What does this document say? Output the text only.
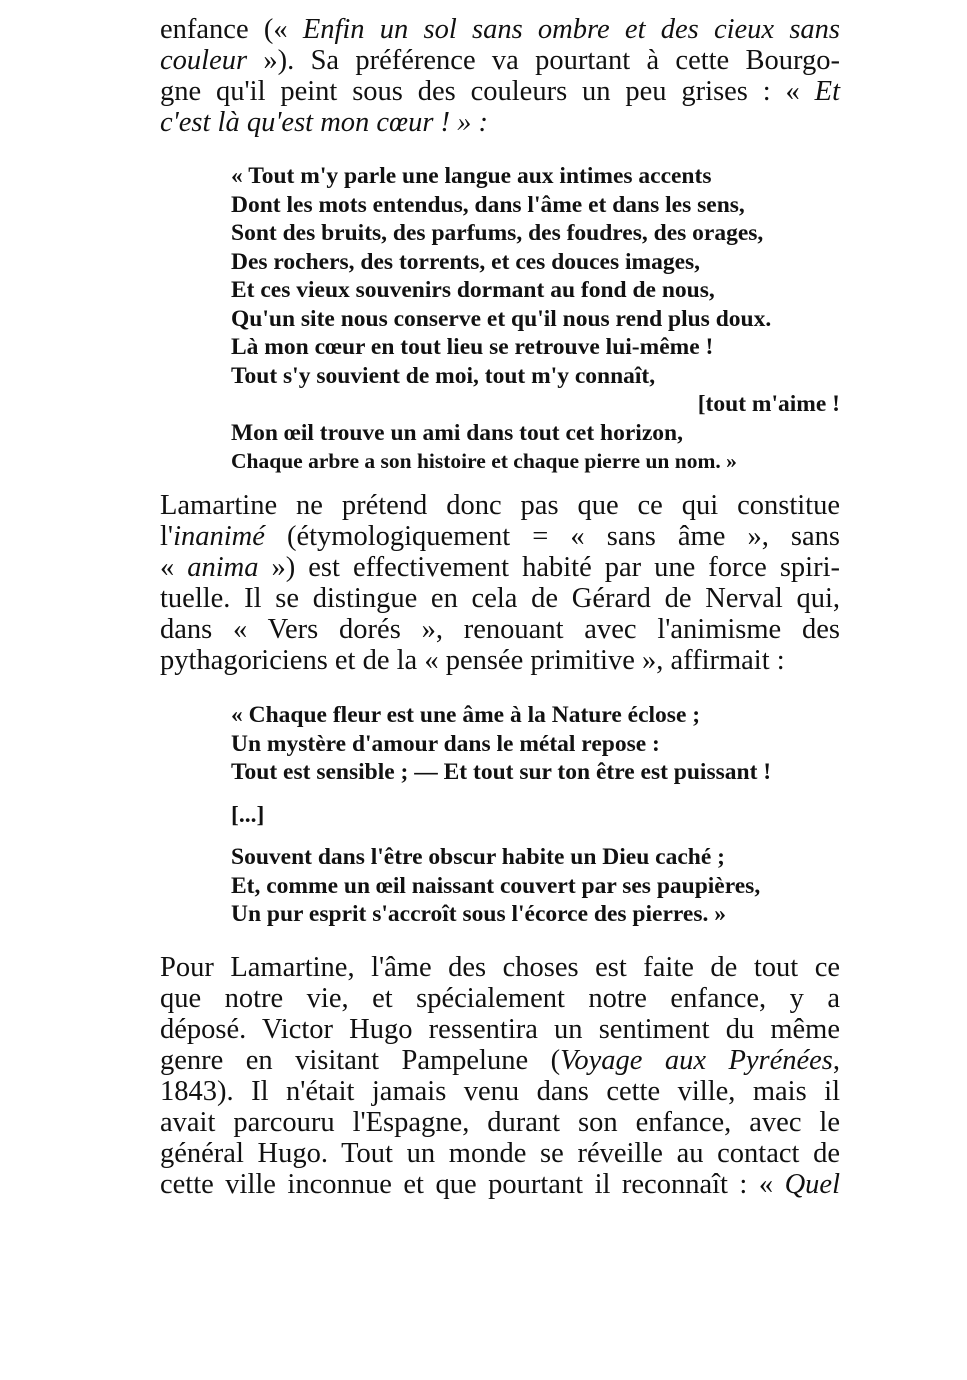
enfance (« Enfin un sol sans ombre et des cieux sans
couleur »). Sa préférence va pourtant à cette Bourgo-
gne qu'il peint sous des couleurs un peu grises : « Et
c'est là qu'est mon cœur ! » :
« Tout m'y parle une langue aux intimes accents
Dont les mots entendus, dans l'âme et dans les sens,
Sont des bruits, des parfums, des foudres, des orages,
Des rochers, des torrents, et ces douces images,
Et ces vieux souvenirs dormant au fond de nous,
Qu'un site nous conserve et qu'il nous rend plus doux.
Là mon cœur en tout lieu se retrouve lui-même !
Tout s'y souvient de moi, tout m'y connaît,
[tout m'aime !
Mon œil trouve un ami dans tout cet horizon,
Chaque arbre a son histoire et chaque pierre un nom. »
Lamartine ne prétend donc pas que ce qui constitue
l'inanimé (étymologiquement = « sans âme », sans
« anima ») est effectivement habité par une force spiri-
tuelle. Il se distingue en cela de Gérard de Nerval qui,
dans « Vers dorés », renouant avec l'animisme des
pythagoriciens et de la « pensée primitive », affirmait :
« Chaque fleur est une âme à la Nature éclose ;
Un mystère d'amour dans le métal repose :
Tout est sensible ; — Et tout sur ton être est puissant !
[...]
Souvent dans l'être obscur habite un Dieu caché ;
Et, comme un œil naissant couvert par ses paupières,
Un pur esprit s'accroît sous l'écorce des pierres. »
Pour Lamartine, l'âme des choses est faite de tout ce
que notre vie, et spécialement notre enfance, y a
déposé. Victor Hugo ressentira un sentiment du même
genre en visitant Pampelune (Voyage aux Pyrénées,
1843). Il n'était jamais venu dans cette ville, mais il
avait parcouru l'Espagne, durant son enfance, avec le
général Hugo. Tout un monde se réveille au contact de
cette ville inconnue et que pourtant il reconnaît : « Quel
